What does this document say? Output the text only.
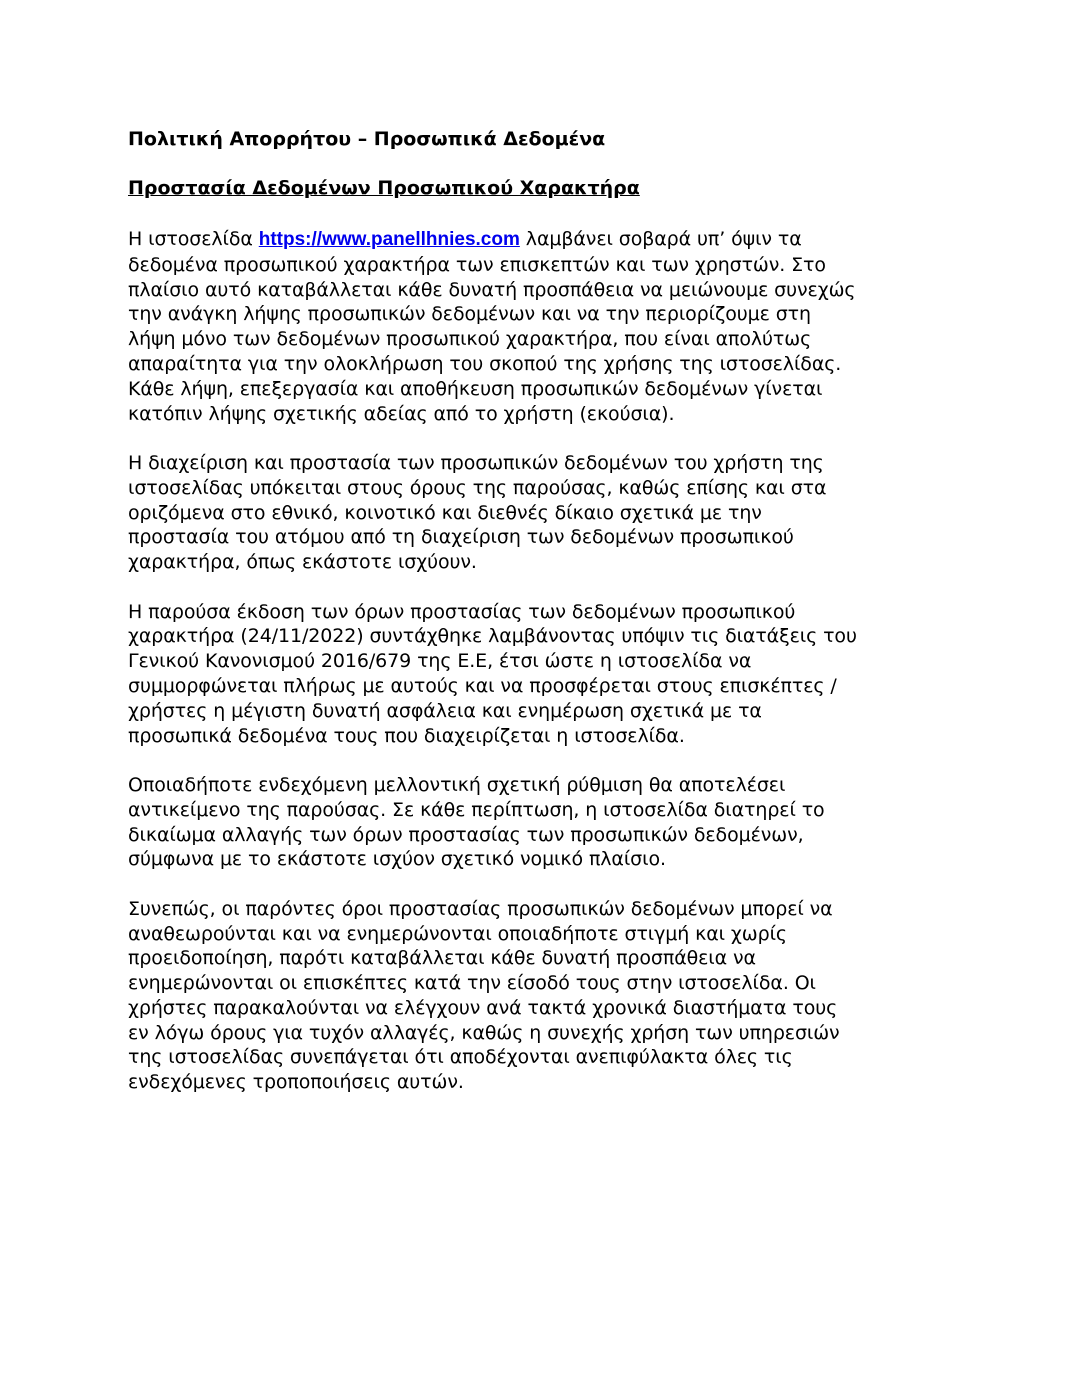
Πολιτική Απορρήτου – Προσωπικά Δεδομένα
Προστασία Δεδομένων Προσωπικού Χαρακτήρα

Η ιστοσελίδα https://www.panellhnies.com λαμβάνει σοβαρά υπ’ όψιν τα
δεδομένα προσωπικού χαρακτήρα των επισκεπτών και των χρηστών. Στο
πλαίσιο αυτό καταβάλλεται κάθε δυνατή προσπάθεια να μειώνουμε συνεχώς
την ανάγκη λήψης προσωπικών δεδομένων και να την περιορίζουμε στη
λήψη μόνο των δεδομένων προσωπικού χαρακτήρα, που είναι απολύτως
απαραίτητα για την ολοκλήρωση του σκοπού της χρήσης της ιστοσελίδας.
Κάθε λήψη, επεξεργασία και αποθήκευση προσωπικών δεδομένων γίνεται
κατόπιν λήψης σχετικής αδείας από το χρήστη (εκούσια).

Η διαχείριση και προστασία των προσωπικών δεδομένων του χρήστη της
ιστοσελίδας υπόκειται στους όρους της παρούσας, καθώς επίσης και στα
οριζόμενα στο εθνικό, κοινοτικό και διεθνές δίκαιο σχετικά με την
προστασία του ατόμου από τη διαχείριση των δεδομένων προσωπικού
χαρακτήρα, όπως εκάστοτε ισχύουν.

Η παρούσα έκδοση των όρων προστασίας των δεδομένων προσωπικού
χαρακτήρα (24/11/2022) συντάχθηκε λαμβάνοντας υπόψιν τις διατάξεις του
Γενικού Κανονισμού 2016/679 της Ε.Ε, έτσι ώστε η ιστοσελίδα να
συμμορφώνεται πλήρως με αυτούς και να προσφέρεται στους επισκέπτες /
χρήστες η μέγιστη δυνατή ασφάλεια και ενημέρωση σχετικά με τα
προσωπικά δεδομένα τους που διαχειρίζεται η ιστοσελίδα.

Οποιαδήποτε ενδεχόμενη μελλοντική σχετική ρύθμιση θα αποτελέσει
αντικείμενο της παρούσας. Σε κάθε περίπτωση, η ιστοσελίδα διατηρεί το
δικαίωμα αλλαγής των όρων προστασίας των προσωπικών δεδομένων,
σύμφωνα με το εκάστοτε ισχύον σχετικό νομικό πλαίσιο.

Συνεπώς, οι παρόντες όροι προστασίας προσωπικών δεδομένων μπορεί να
αναθεωρούνται και να ενημερώνονται οποιαδήποτε στιγμή και χωρίς
προειδοποίηση, παρότι καταβάλλεται κάθε δυνατή προσπάθεια να
ενημερώνονται οι επισκέπτες κατά την είσοδό τους στην ιστοσελίδα. Οι
χρήστες παρακαλούνται να ελέγχουν ανά τακτά χρονικά διαστήματα τους
εν λόγω όρους για τυχόν αλλαγές, καθώς η συνεχής χρήση των υπηρεσιών
της ιστοσελίδας συνεπάγεται ότι αποδέχονται ανεπιφύλακτα όλες τις
ενδεχόμενες τροποποιήσεις αυτών.
